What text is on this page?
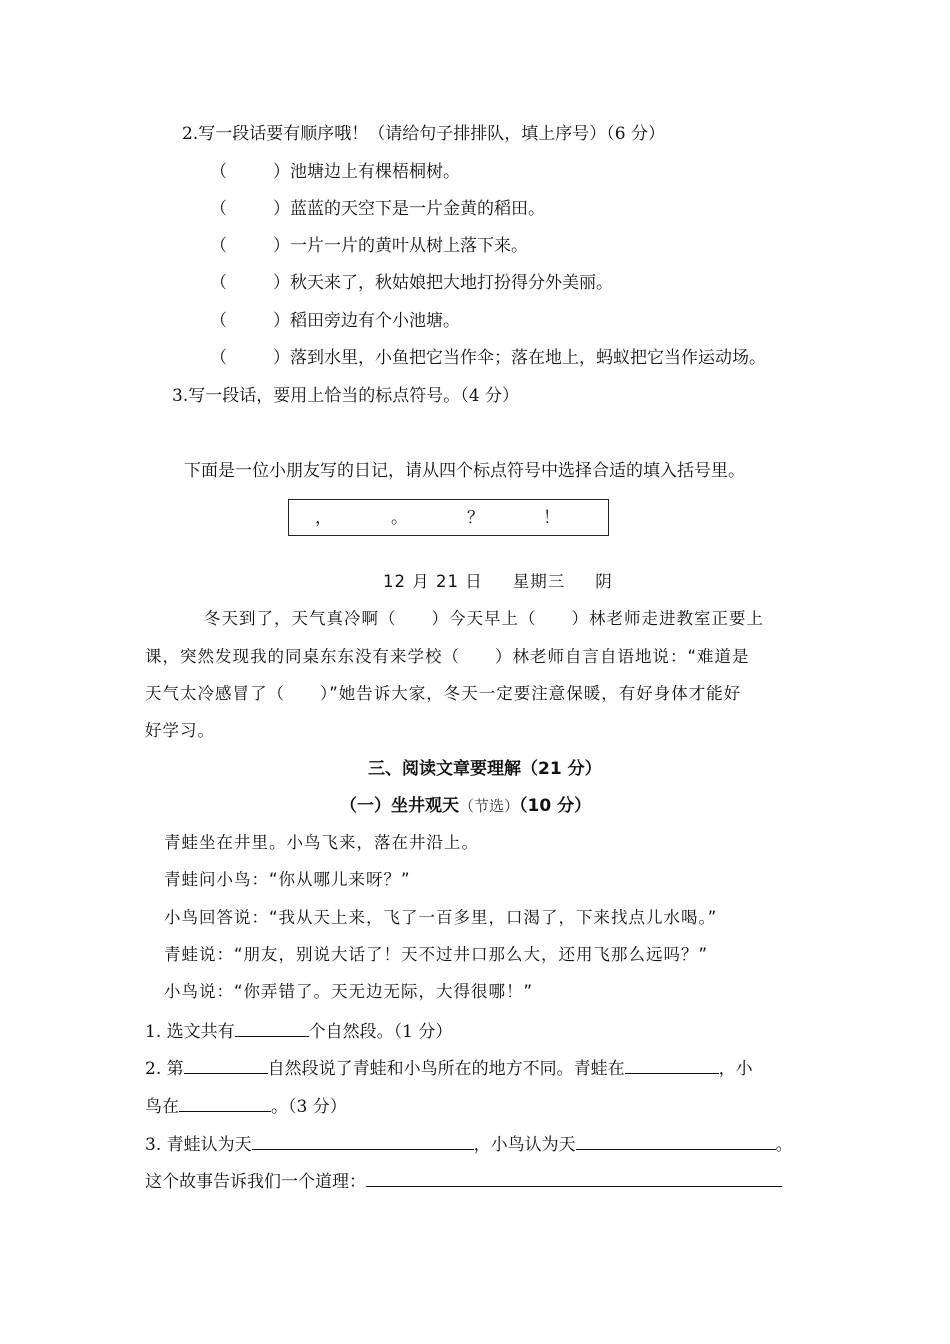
2.写一段话要有顺序哦！（请给句子排排队，填上序号）（6 分）
（	）池塘边上有棵梧桐树。
（	）蓝蓝的天空下是一片金黄的稻田。
（	）一片一片的黄叶从树上落下来。
（	）秋天来了，秋姑娘把大地打扮得分外美丽。
（	）稻田旁边有个小池塘。
（	）落到水里，小鱼把它当作伞；落在地上，蚂蚁把它当作运动场。
3.写一段话，要用上恰当的标点符号。（4 分）
下面是一位小朋友写的日记，请从四个标点符号中选择合适的填入括号里。
，	。	？	！
12 月 21 日 星期三 阴
冬天到了，天气真冷啊（　　）今天早上（　　）林老师走进教室正要上
课，突然发现我的同桌东东没有来学校（　　）林老师自言自语地说：“难道是
天气太冷感冒了（　　）”她告诉大家，冬天一定要注意保暖，有好身体才能好
好学习。
三、阅读文章要理解（21 分）
（一）坐井观天（节选）（10 分）
青蛙坐在井里。小鸟飞来，落在井沿上。
青蛙问小鸟：“你从哪儿来呀？”
小鸟回答说：“我从天上来，飞了一百多里，口渴了，下来找点儿水喝。”
青蛙说：“朋友，别说大话了！天不过井口那么大，还用飞那么远吗？”
小鸟说：“你弄错了。天无边无际，大得很哪！”
1. 选文共有	个自然段。（1 分）
2. 第	自然段说了青蛙和小鸟所在的地方不同。青蛙在	，小
鸟在	。（3 分）
3. 青蛙认为天	，小鸟认为天	。
这个故事告诉我们一个道理：
